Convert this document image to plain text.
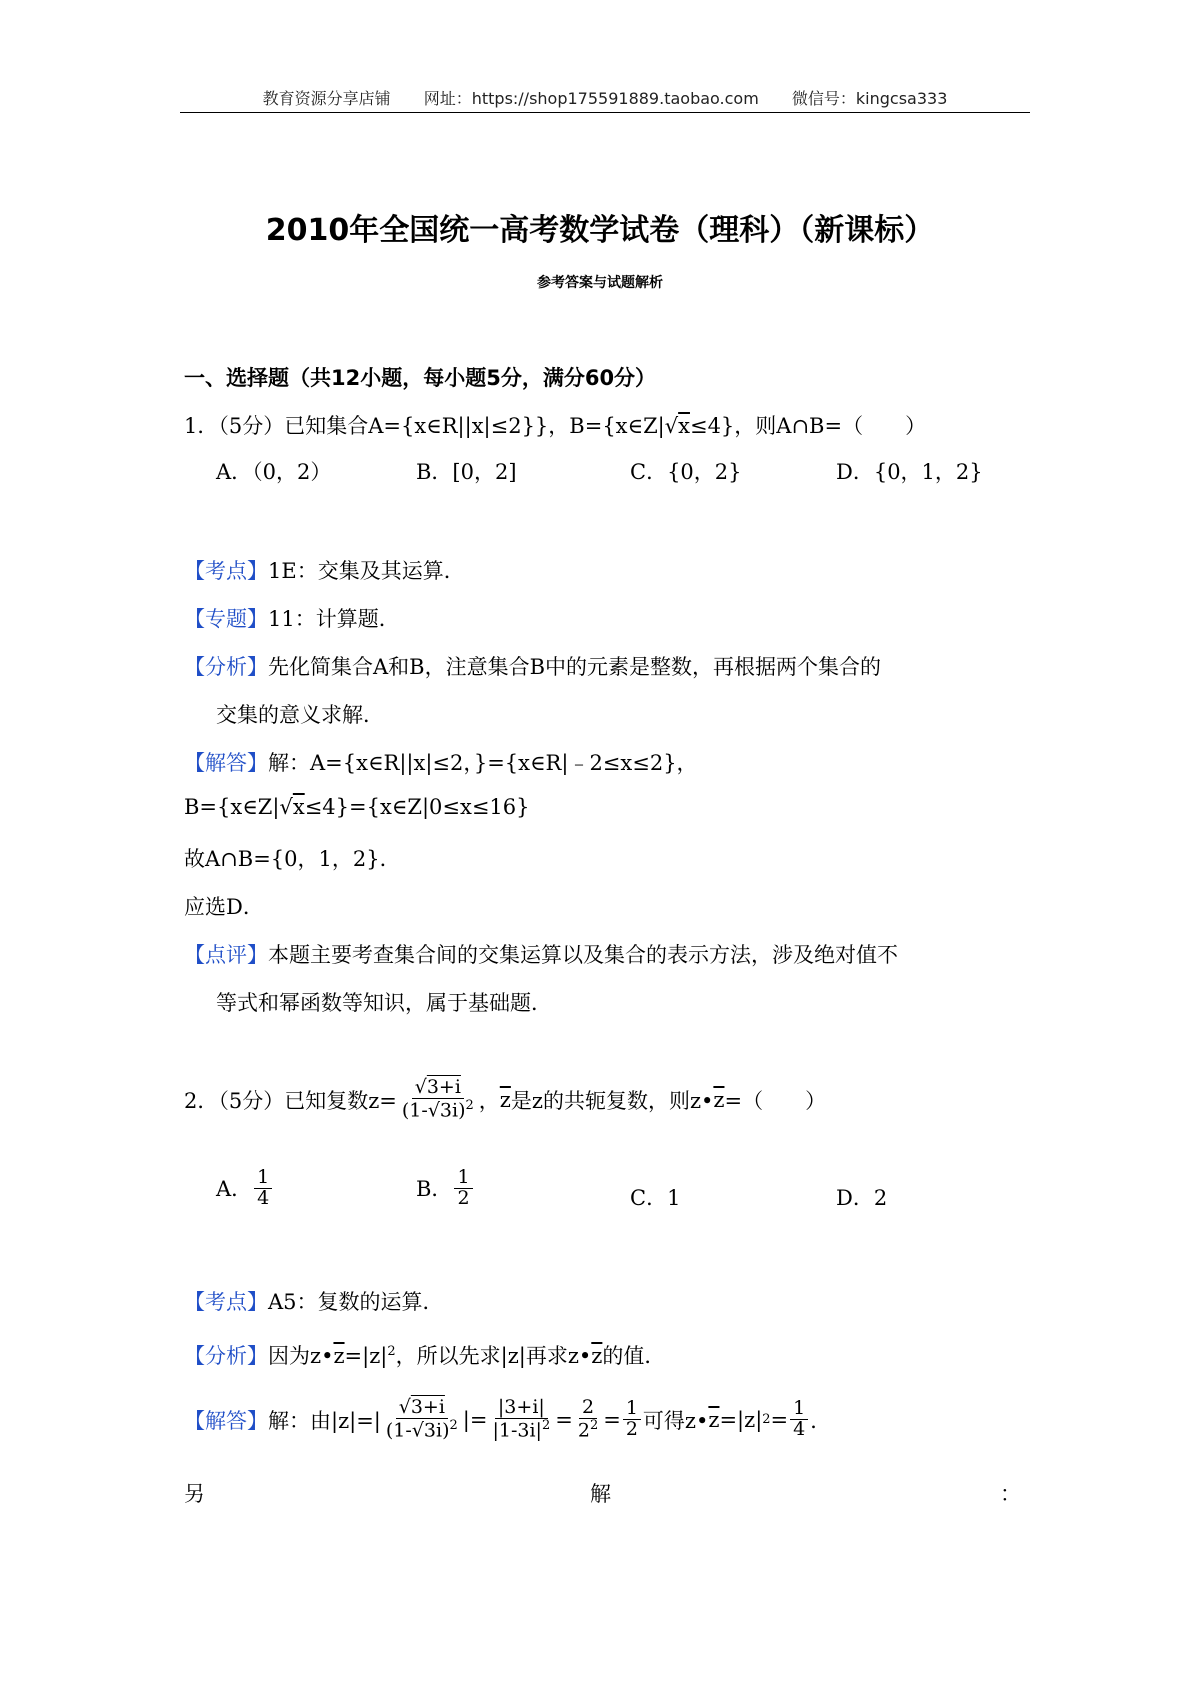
教育资源分享店铺 网址：https://shop175591889.taobao.com 微信号：kingcsa333
2010年全国统一高考数学试卷（理科）（新课标）
参考答案与试题解析
一、选择题（共12小题，每小题5分，满分60分）
1．（5分）已知集合A={x∈R||x|≤2}}，B={x∈Z|√x≤4}，则A∩B=（　　）
A．（0，2）	B．[0，2]	C．{0，2}	D．{0，1，2}
【考点】1E：交集及其运算．
【专题】11：计算题．
【分析】先化简集合A和B，注意集合B中的元素是整数，再根据两个集合的
交集的意义求解．
【解答】解：A={x∈R||x|≤2，}={x∈R|﹣2≤x≤2}，
B={x∈Z|√x≤4}={x∈Z|0≤x≤16}
故A∩B={0，1，2}．
应选D．
【点评】本题主要考查集合间的交集运算以及集合的表示方法，涉及绝对值不
等式和幂函数等知识，属于基础题．
2．（5分）已知复数$z= \frac{√3+i}{(1-√3i)^2}$ ， $\overline{z}$ 是z的共轭复数，则z• $\overline{z}$ =（　　）
A． $\frac{1}{4}$	B． $\frac{1}{2}$	C．1	D．2
【考点】A5：复数的运算．
【分析】因为$z•\overline{z}=|z|^2$，所以先求|z|再求$z•\overline{z}$的值．
【解答】 解：由$|z|=| \frac{√3+i}{(1-√3i)^2}$ |= $\frac{|3+i|}{|1-3i|^2} = \frac{2}{2^2} = \frac{1}{2}$ 可得z• $\overline{z} =|z|$ $2 = \frac{1}{4}$ ．
另	解	：
